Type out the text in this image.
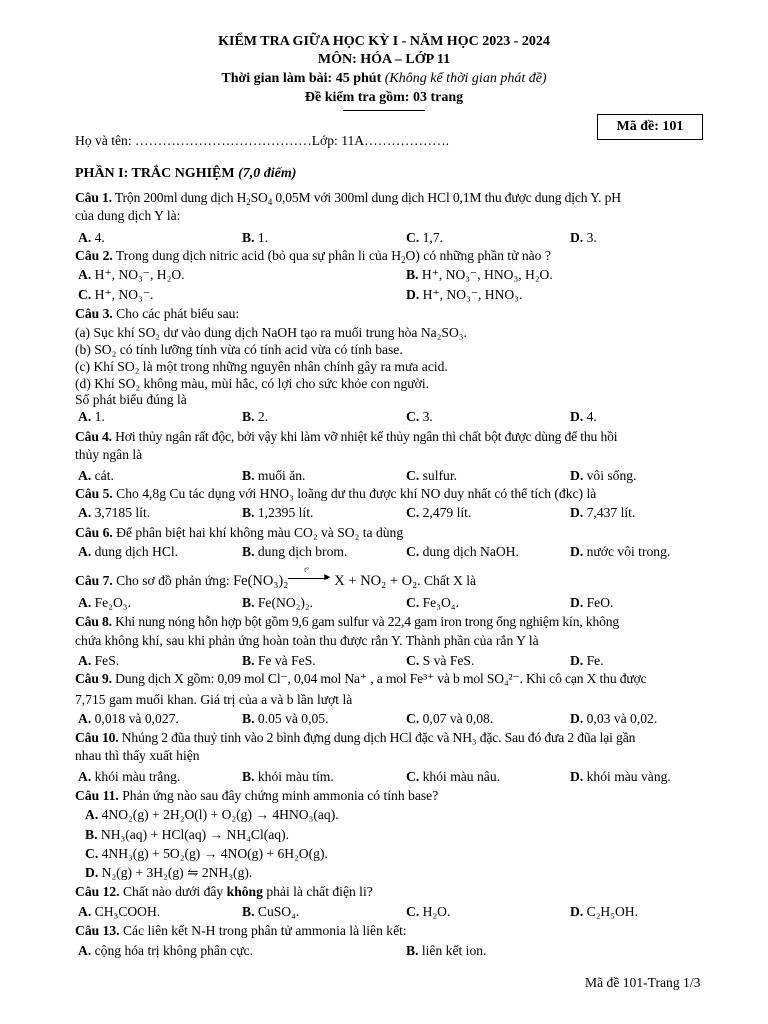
KIỂM TRA GIỮA HỌC KỲ I - NĂM HỌC 2023 - 2024
MÔN: HÓA – LỚP 11
Thời gian làm bài: 45 phút (Không kể thời gian phát đề)
Đề kiểm tra gồm: 03 trang
Mã đề: 101
Họ và tên: …………………………………Lớp: 11A……………….
PHẦN I: TRẮC NGHIỆM (7,0 điểm)
Câu 1. Trộn 200ml dung dịch $H_2SO_4$ 0,05M với 300ml dung dịch HCl 0,1M thu được dung dịch Y. pH
của dung dịch Y là:
A. 4.	B. 1.	C. 1,7.	D. 3.
Câu 2. Trong dung dịch nitric acid (bỏ qua sự phân li của $H_2O$) có những phần tử nào ?
A. H⁺, NO₃⁻, H₂O.	B. H⁺, NO₃⁻, HNO₃, H₂O.
C. H⁺, NO₃⁻.	D. H⁺, NO₃⁻, HNO₃.
Câu 3. Cho các phát biểu sau:
(a) Sục khí SO₂ dư vào dung dịch NaOH tạo ra muối trung hòa Na₂SO₃.
(b) SO₂ có tính lưỡng tính vừa có tính acid vừa có tính base.
(c) Khí SO₂ là một trong những nguyên nhân chính gây ra mưa acid.
(d) Khí SO₂ không màu, mùi hắc, có lợi cho sức khỏe con người.
Số phát biểu đúng là
A. 1.	B. 2.	C. 3.	D. 4.
Câu 4. Hơi thủy ngân rất độc, bởi vậy khi làm vỡ nhiệt kế thủy ngân thì chất bột được dùng để thu hồi
thủy ngân là
A. cát.	B. muối ăn.	C. sulfur.	D. vôi sống.
Câu 5. Cho 4,8g Cu tác dụng với HNO₃ loãng dư thu được khí NO duy nhất có thể tích (đkc) là
A. 3,7185 lít.	B. 1,2395 lít.	C. 2,479 lít.	D. 7,437 lít.
Câu 6. Để phân biệt hai khí không màu CO₂ và SO₂ ta dùng
A. dung dịch HCl.	B. dung dịch brom.	C. dung dịch NaOH.	D. nước vôi trong.
Câu 7. Cho sơ đồ phản ứng: Fe(NO₃)₂
t°
► X + NO₂ + O₂. Chất X là
A. Fe₂O₃.	B. Fe(NO₂)₂.	C. Fe₃O₄.	D. FeO.
Câu 8. Khi nung nóng hỗn hợp bột gồm 9,6 gam sulfur và 22,4 gam iron trong ống nghiệm kín, không
chứa không khí, sau khi phản ứng hoàn toàn thu được rắn Y. Thành phần của rắn Y là
A. FeS.	B. Fe và FeS.	C. S và FeS.	D. Fe.
Câu 9. Dung dịch X gồm: 0,09 mol Cl⁻, 0,04 mol Na⁺ , a mol Fe³⁺ và b mol SO₄²⁻. Khi cô cạn X thu được
7,715 gam muối khan. Giá trị của a và b lần lượt là
A. 0,018 và 0,027.	B. 0.05 và 0,05.	C. 0,07 và 0,08.	D. 0,03 và 0,02.
Câu 10. Nhúng 2 đũa thuỷ tinh vào 2 bình đựng dung dịch HCl đặc và NH₃ đặc. Sau đó đưa 2 đũa lại gần
nhau thì thấy xuất hiện
A. khói màu trắng.	B. khói màu tím.	C. khói màu nâu.	D. khói màu vàng.
Câu 11. Phản ứng nào sau đây chứng minh ammonia có tính base?
A. 4NO₂(g) + 2H₂O(l) + O₂(g) → 4HNO₃(aq).
B. NH₃(aq) + HCl(aq) → NH₄Cl(aq).
C. 4NH₃(g) + 5O₂(g) → 4NO(g) + 6H₂O(g).
D. N₂(g) + 3H₂(g) ⇋ 2NH₃(g).
Câu 12. Chất nào dưới đây không phải là chất điện li?
A. CH₃COOH.	B. CuSO₄.	C. H₂O.	D. C₂H₅OH.
Câu 13. Các liên kết N-H trong phân tử ammonia là liên kết:
A. cộng hóa trị không phân cực.	B. liên kết ion.
Mã đề 101-Trang 1/3
